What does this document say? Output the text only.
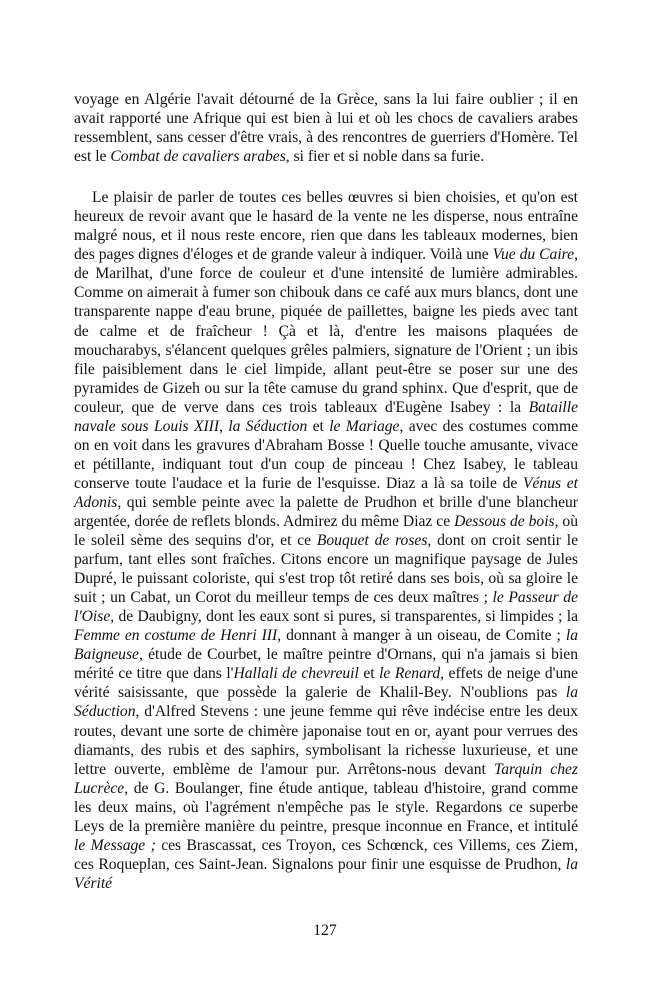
voyage en Algérie l'avait détourné de la Grèce, sans la lui faire oublier ; il en avait rapporté une Afrique qui est bien à lui et où les chocs de cavaliers arabes ressemblent, sans cesser d'être vrais, à des rencontres de guerriers d'Homère. Tel est le Combat de cavaliers arabes, si fier et si noble dans sa furie.

Le plaisir de parler de toutes ces belles œuvres si bien choisies, et qu'on est heureux de revoir avant que le hasard de la vente ne les disperse, nous entraîne malgré nous, et il nous reste encore, rien que dans les tableaux modernes, bien des pages dignes d'éloges et de grande valeur à indiquer. Voilà une Vue du Caire, de Marilhat, d'une force de couleur et d'une intensité de lumière admirables. Comme on aimerait à fumer son chibouk dans ce café aux murs blancs, dont une transparente nappe d'eau brune, piquée de paillettes, baigne les pieds avec tant de calme et de fraîcheur ! Çà et là, d'entre les maisons plaquées de moucharabys, s'élancent quelques grêles palmiers, signature de l'Orient ; un ibis file paisiblement dans le ciel limpide, allant peut-être se poser sur une des pyramides de Gizeh ou sur la tête camuse du grand sphinx. Que d'esprit, que de couleur, que de verve dans ces trois tableaux d'Eugène Isabey : la Bataille navale sous Louis XIII, la Séduction et le Mariage, avec des costumes comme on en voit dans les gravures d'Abraham Bosse ! Quelle touche amusante, vivace et pétillante, indiquant tout d'un coup de pinceau ! Chez Isabey, le tableau conserve toute l'audace et la furie de l'esquisse. Diaz a là sa toile de Vénus et Adonis, qui semble peinte avec la palette de Prudhon et brille d'une blancheur argentée, dorée de reflets blonds. Admirez du même Diaz ce Dessous de bois, où le soleil sème des sequins d'or, et ce Bouquet de roses, dont on croit sentir le parfum, tant elles sont fraîches. Citons encore un magnifique paysage de Jules Dupré, le puissant coloriste, qui s'est trop tôt retiré dans ses bois, où sa gloire le suit ; un Cabat, un Corot du meilleur temps de ces deux maîtres ; le Passeur de l'Oise, de Daubigny, dont les eaux sont si pures, si transparentes, si limpides ; la Femme en costume de Henri III, donnant à manger à un oiseau, de Comite ; la Baigneuse, étude de Courbet, le maître peintre d'Ornans, qui n'a jamais si bien mérité ce titre que dans l'Hallali de chevreuil et le Renard, effets de neige d'une vérité saisissante, que possède la galerie de Khalil-Bey. N'oublions pas la Séduction, d'Alfred Stevens : une jeune femme qui rêve indécise entre les deux routes, devant une sorte de chimère japonaise tout en or, ayant pour verrues des diamants, des rubis et des saphirs, symbolisant la richesse luxurieuse, et une lettre ouverte, emblème de l'amour pur. Arrêtons-nous devant Tarquin chez Lucrèce, de G. Boulanger, fine étude antique, tableau d'histoire, grand comme les deux mains, où l'agrément n'empêche pas le style. Regardons ce superbe Leys de la première manière du peintre, presque inconnue en France, et intitulé le Message ; ces Brascassat, ces Troyon, ces Schœnck, ces Villems, ces Ziem, ces Roqueplan, ces Saint-Jean. Signalons pour finir une esquisse de Prudhon, la Vérité

127
